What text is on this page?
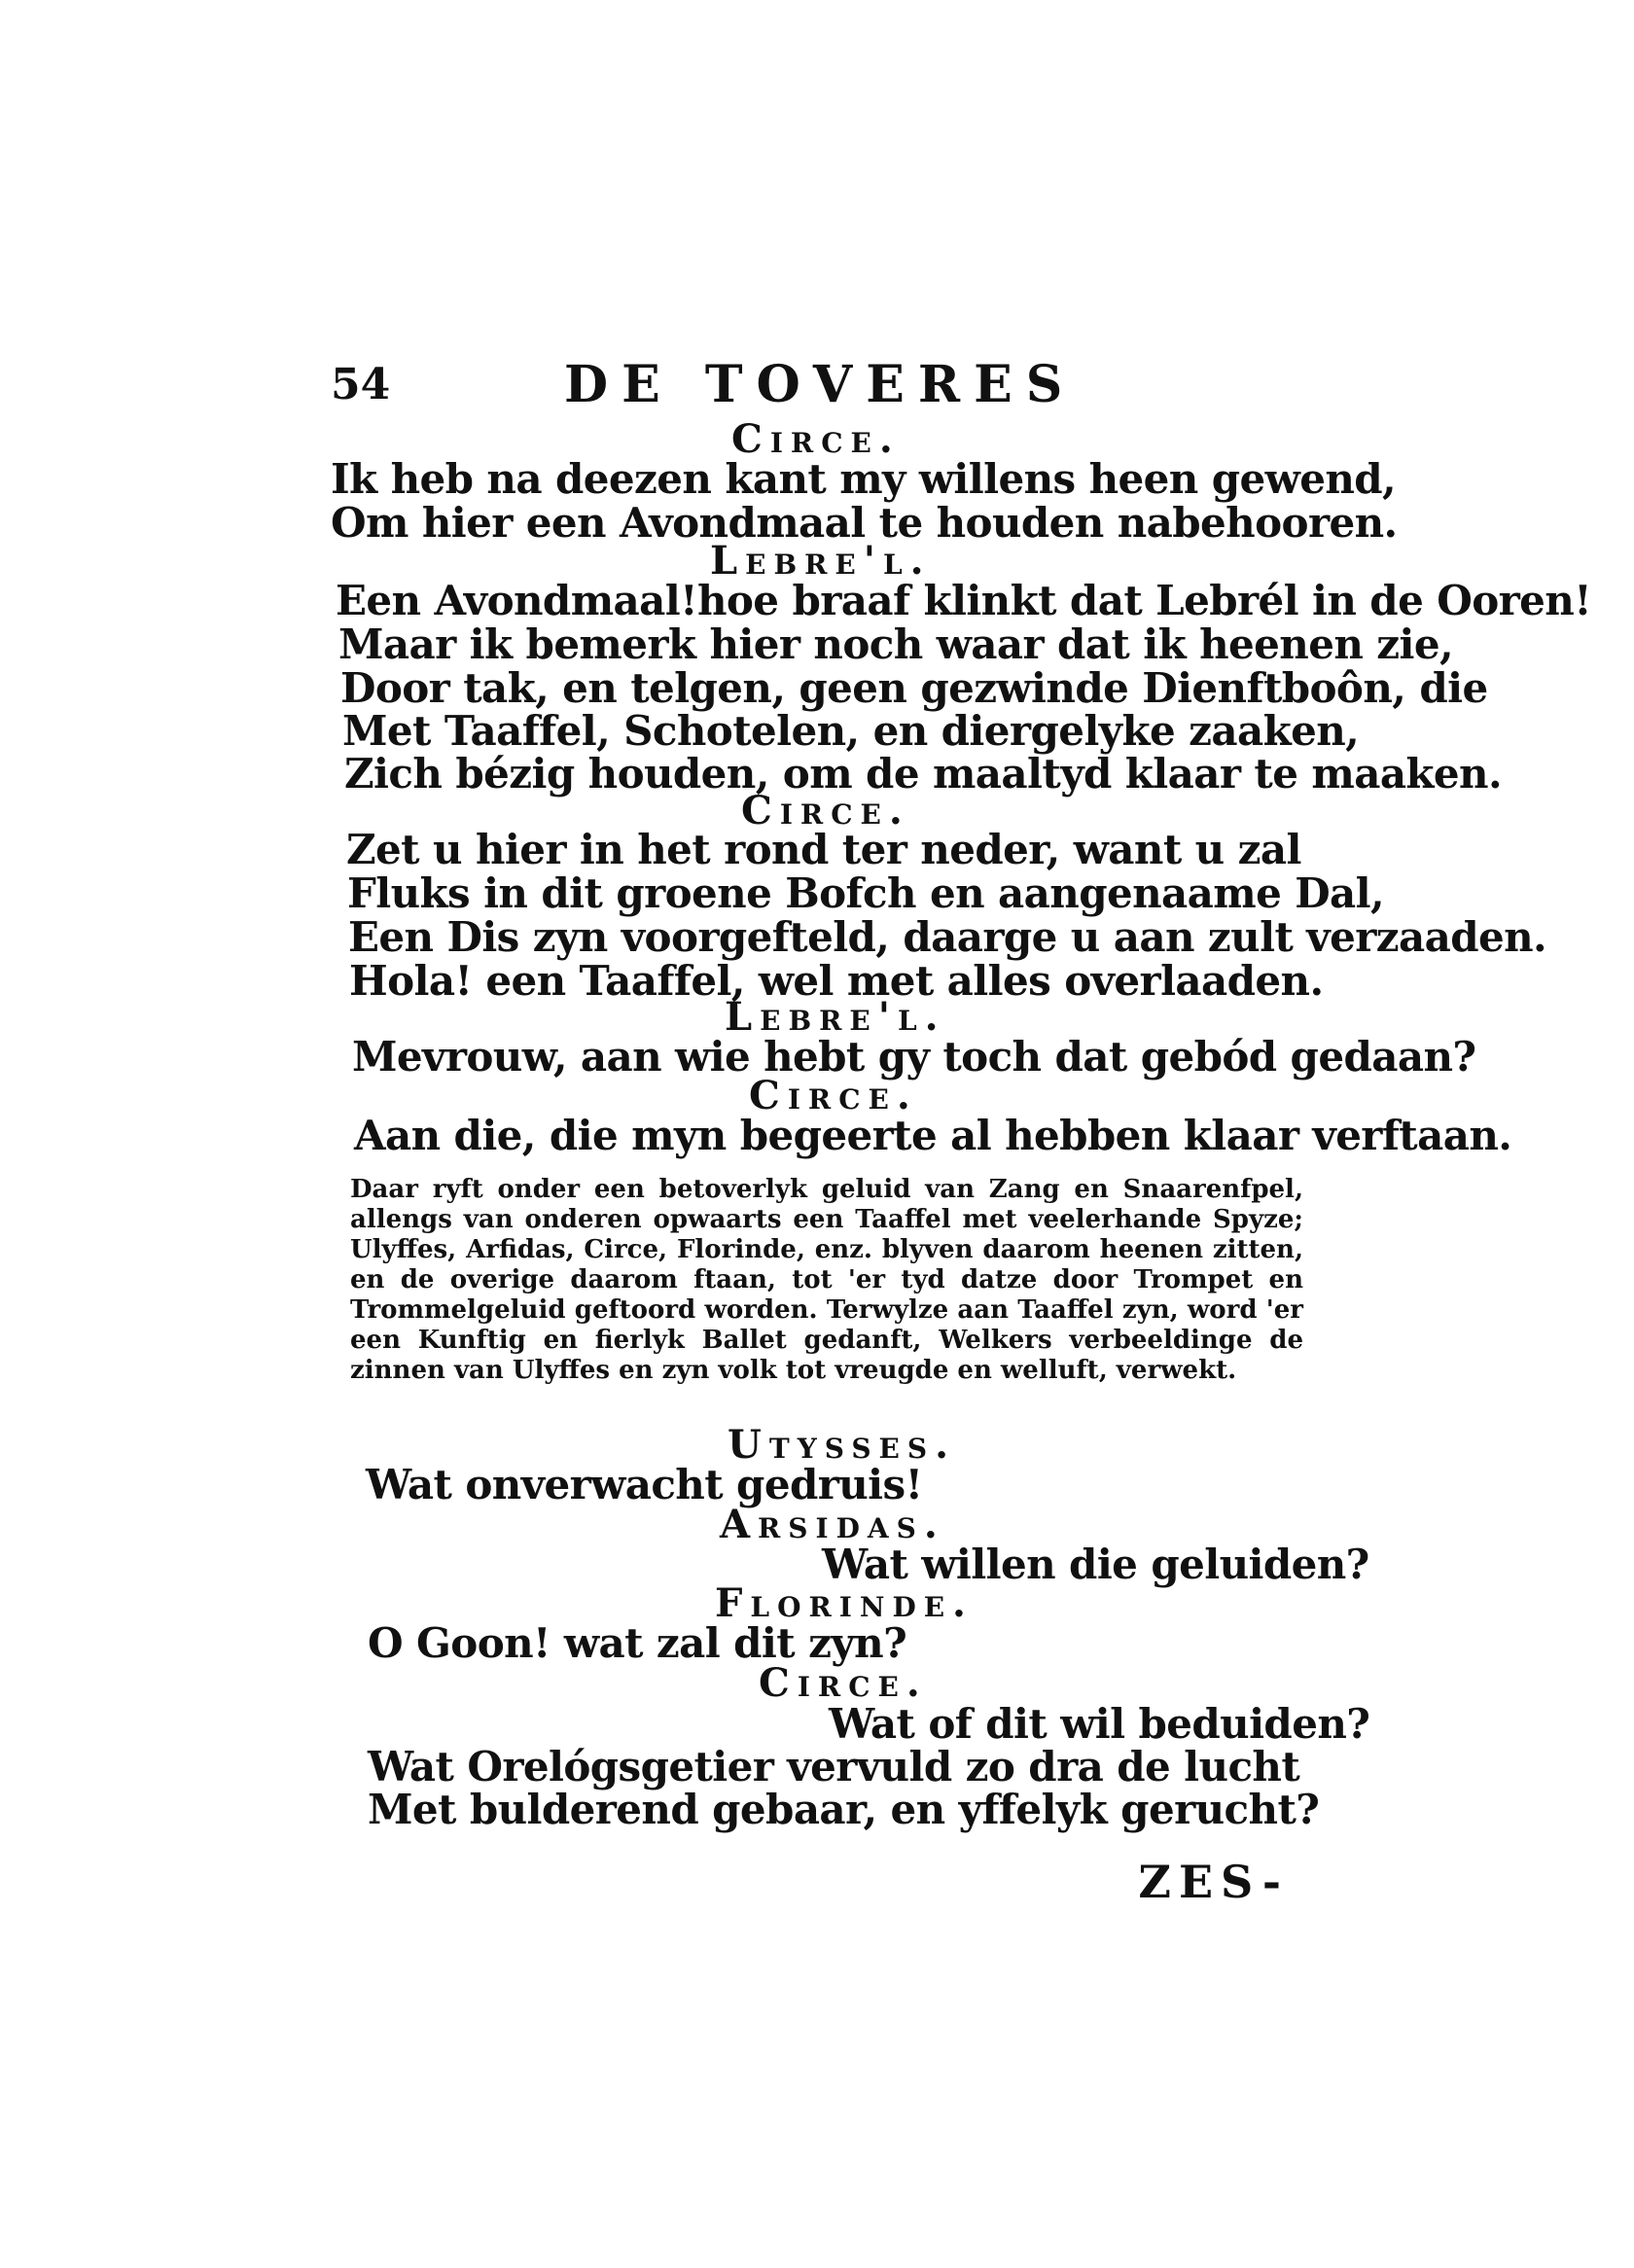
54	DE TOVERES
Circe.
Ik heb na deezen kant my willens heen gewend,
Om hier een Avondmaal te houden nabehooren.
Lebre'l.
Een Avondmaal!hoe braaf klinkt dat Lebrél in de Ooren!
Maar ik bemerk hier noch waar dat ik heenen zie,
Door tak, en telgen, geen gezwinde Dienftboôn, die
Met Taaffel, Schotelen, en diergelyke zaaken,
Zich bézig houden, om de maaltyd klaar te maaken.
Circe.
Zet u hier in het rond ter neder, want u zal
Fluks in dit groene Bofch en aangenaame Dal,
Een Dis zyn voorgefteld, daarge u aan zult verzaaden.
Hola! een Taaffel, wel met alles overlaaden.
Lebre'l.
Mevrouw, aan wie hebt gy toch dat gebód gedaan?
Circe.
Aan die, die myn begeerte al hebben klaar verftaan.
Daar ryft onder een betoverlyk geluid van Zang en Snaarenfpel, allengs van onderen opwaarts een Taaffel met veelerhande Spyze; Ulyffes, Arfidas, Circe, Florinde, enz. blyven daarom heenen zitten, en de overige daarom ftaan, tot 'er tyd datze door Trompet en Trommelgeluid geftoord worden. Terwylze aan Taaffel zyn, word 'er een Kunftig en fierlyk Ballet gedanft, Welkers verbeeldinge de zinnen van Ulyffes en zyn volk tot vreugde en welluft, verwekt.
Utysses.
Wat onverwacht gedruis!
Arsidas.
Wat willen die geluiden?
Florinde.
O Goon! wat zal dit zyn?
Circe.
Wat of dit wil beduiden?
Wat Orelógsgetier vervuld zo dra de lucht
Met bulderend gebaar, en yffelyk gerucht?
ZES-
